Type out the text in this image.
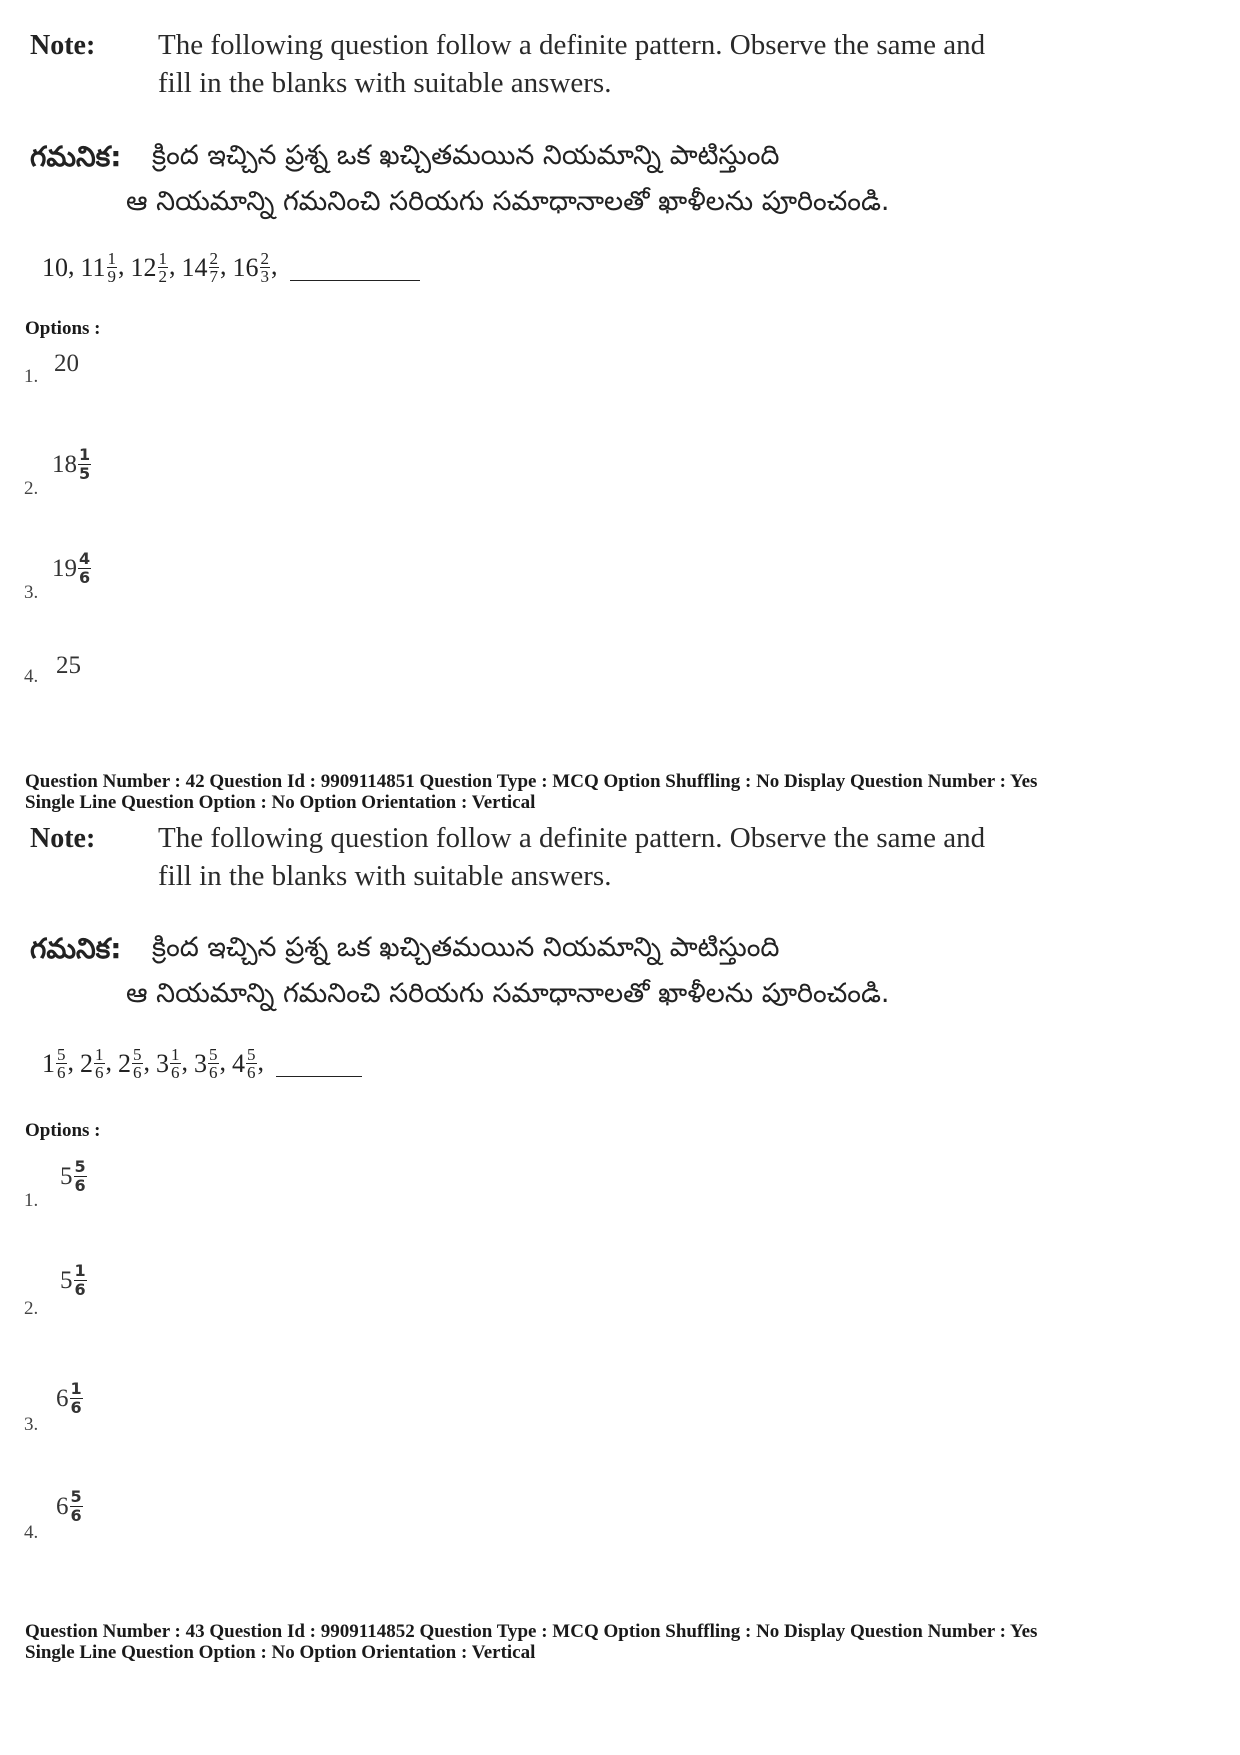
Note: The following question follow a definite pattern. Observe the same and
fill in the blanks with suitable answers.
గమనిక: క్రింద ఇచ్చిన ప్రశ్న ఒక ఖచ్చితమయిన నియమాన్ని పాటిస్తుంది
ఆ నియమాన్ని గమనించి సరియగు సమాధానాలతో ఖాళీలను పూరించండి.
10 , $11 \frac{1}{9}$ , $12 \frac{1}{2}$ , $14 \frac{2}{7}$ , $16 \frac{2}{3}$ ,
Options :
1. 20
2.
$18 \frac{1}{5}$
3.
$19 \frac{4}{6}$
4. 25
Question Number : 42 Question Id : 9909114851 Question Type : MCQ Option Shuffling : No Display Question Number : Yes
Single Line Question Option : No Option Orientation : Vertical
Note: The following question follow a definite pattern. Observe the same and
fill in the blanks with suitable answers.
గమనిక: క్రింద ఇచ్చిన ప్రశ్న ఒక ఖచ్చితమయిన నియమాన్ని పాటిస్తుంది
ఆ నియమాన్ని గమనించి సరియగు సమాధానాలతో ఖాళీలను పూరించండి.
$1 \frac{5}{6}$ , $2 \frac{1}{6}$ , $2 \frac{5}{6}$ , $3 \frac{1}{6}$ , $3 \frac{5}{6}$ , $4 \frac{5}{6}$ ,
Options :
1.
$5 \frac{5}{6}$
2.
$5 \frac{1}{6}$
3.
$6 \frac{1}{6}$
4.
$6 \frac{5}{6}$
Question Number : 43 Question Id : 9909114852 Question Type : MCQ Option Shuffling : No Display Question Number : Yes
Single Line Question Option : No Option Orientation : Vertical
